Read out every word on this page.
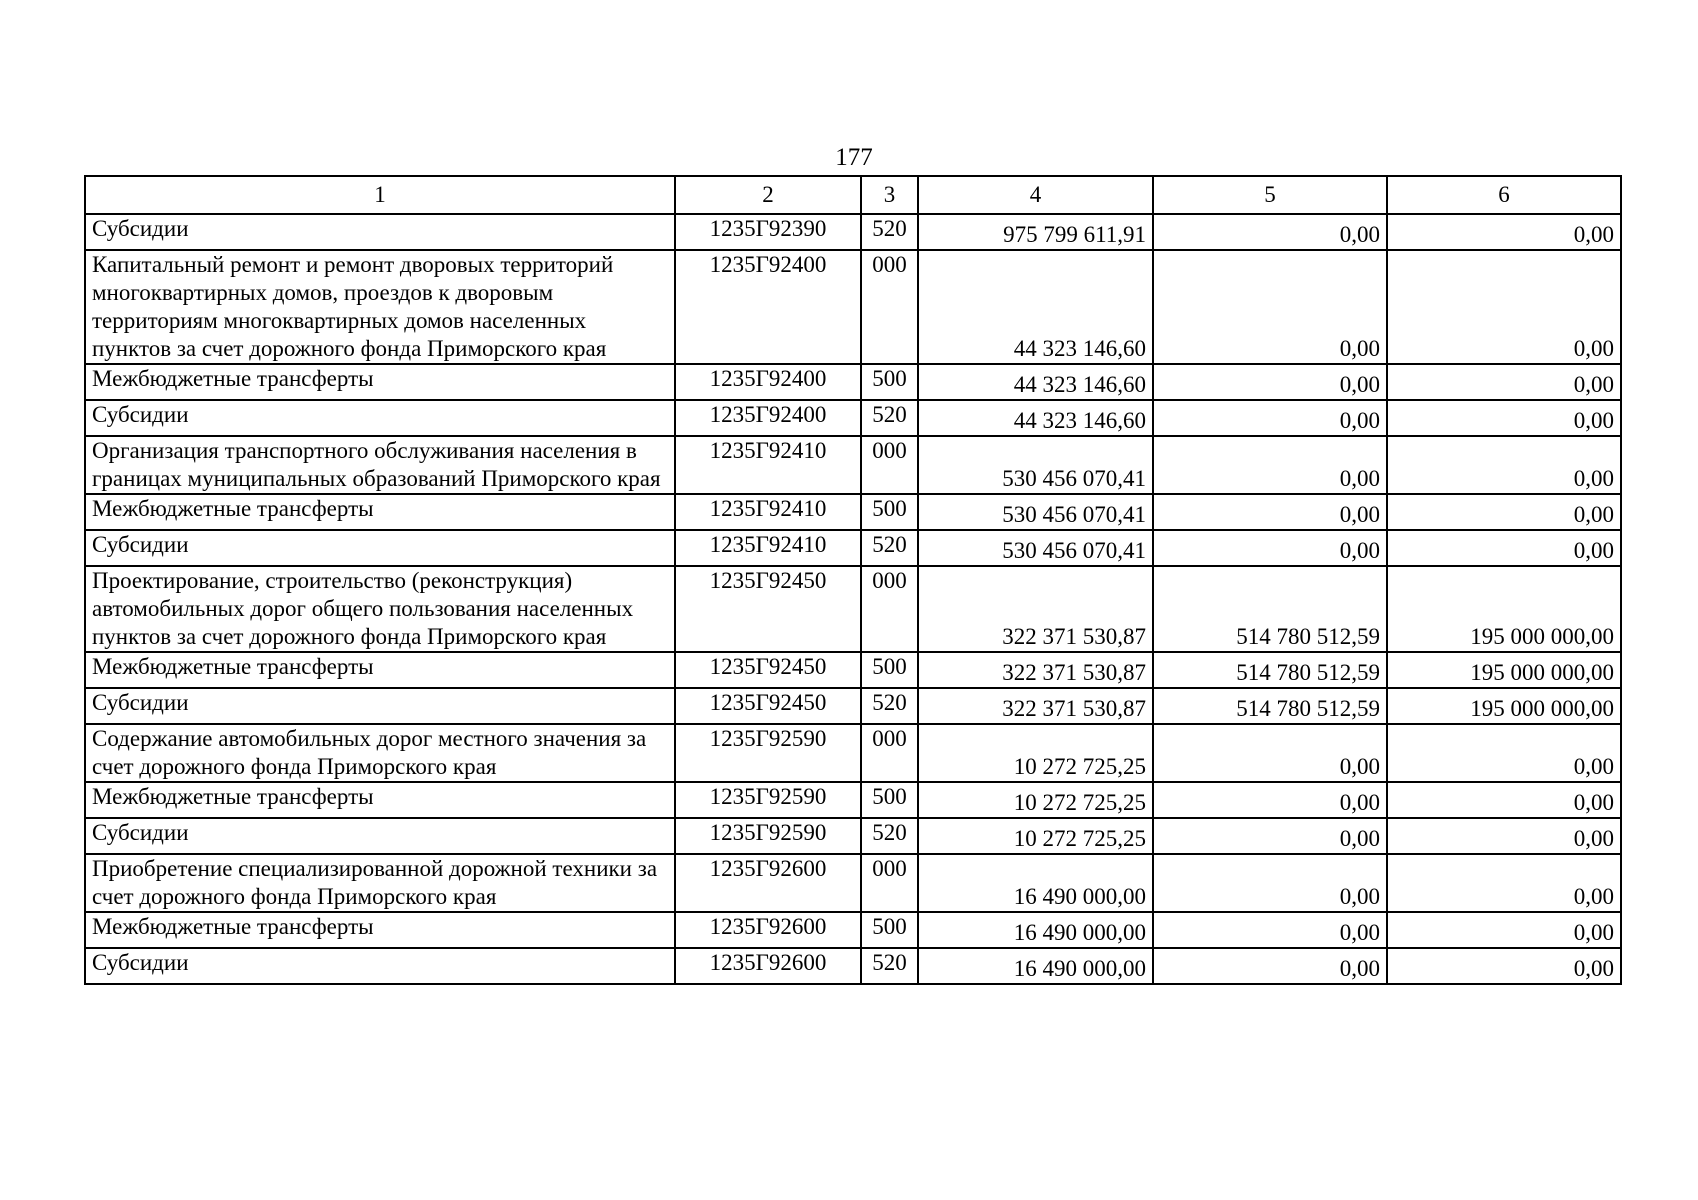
177
1	2	3	4	5	6
Субсидии	1235Г92390	520	975 799 611,91	0,00	0,00
Капитальный ремонт и ремонт дворовых территорий многоквартирных домов, проездов к дворовым территориям многоквартирных домов населенных пунктов за счет дорожного фонда Приморского края	1235Г92400	000	44 323 146,60	0,00	0,00
Межбюджетные трансферты	1235Г92400	500	44 323 146,60	0,00	0,00
Субсидии	1235Г92400	520	44 323 146,60	0,00	0,00
Организация транспортного обслуживания населения в границах муниципальных образований Приморского края	1235Г92410	000	530 456 070,41	0,00	0,00
Межбюджетные трансферты	1235Г92410	500	530 456 070,41	0,00	0,00
Субсидии	1235Г92410	520	530 456 070,41	0,00	0,00
Проектирование, строительство (реконструкция) автомобильных дорог общего пользования населенных пунктов за счет дорожного фонда Приморского края	1235Г92450	000	322 371 530,87	514 780 512,59	195 000 000,00
Межбюджетные трансферты	1235Г92450	500	322 371 530,87	514 780 512,59	195 000 000,00
Субсидии	1235Г92450	520	322 371 530,87	514 780 512,59	195 000 000,00
Содержание автомобильных дорог местного значения за счет дорожного фонда Приморского края	1235Г92590	000	10 272 725,25	0,00	0,00
Межбюджетные трансферты	1235Г92590	500	10 272 725,25	0,00	0,00
Субсидии	1235Г92590	520	10 272 725,25	0,00	0,00
Приобретение специализированной дорожной техники за счет дорожного фонда Приморского края	1235Г92600	000	16 490 000,00	0,00	0,00
Межбюджетные трансферты	1235Г92600	500	16 490 000,00	0,00	0,00
Субсидии	1235Г92600	520	16 490 000,00	0,00	0,00
